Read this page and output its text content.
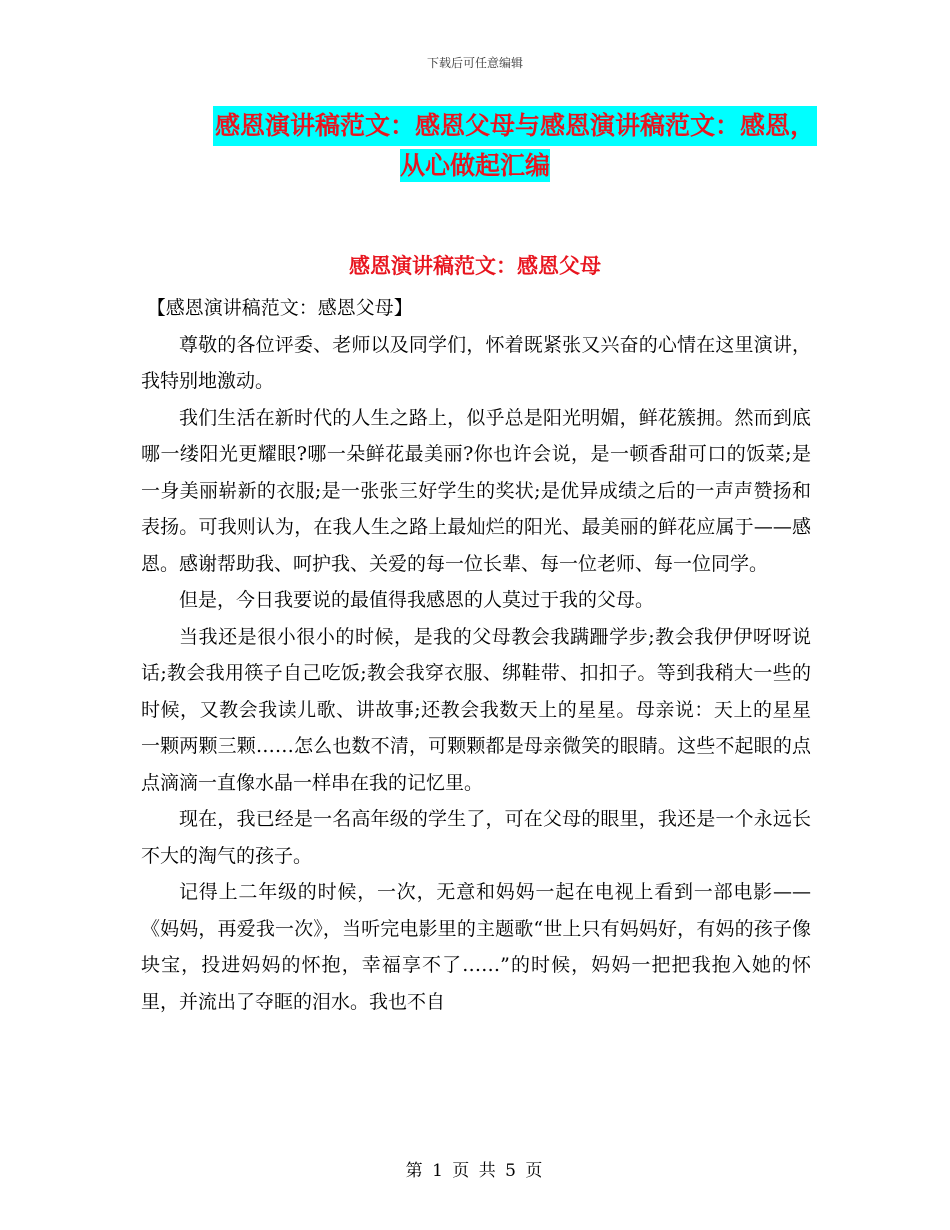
下载后可任意编辑
感恩演讲稿范文：感恩父母与感恩演讲稿范文：感恩，
从心做起汇编
感恩演讲稿范文：感恩父母

【感恩演讲稿范文：感恩父母】

尊敬的各位评委、老师以及同学们，怀着既紧张又兴奋的心情在这里演讲，我特别地激动。

我们生活在新时代的人生之路上，似乎总是阳光明媚，鲜花簇拥。然而到底哪一缕阳光更耀眼?哪一朵鲜花最美丽?你也许会说，是一顿香甜可口的饭菜;是一身美丽崭新的衣服;是一张张三好学生的奖状;是优异成绩之后的一声声赞扬和表扬。可我则认为，在我人生之路上最灿烂的阳光、最美丽的鲜花应属于——感恩。感谢帮助我、呵护我、关爱的每一位长辈、每一位老师、每一位同学。

但是，今日我要说的最值得我感恩的人莫过于我的父母。

当我还是很小很小的时候，是我的父母教会我蹒跚学步;教会我伊伊呀呀说话;教会我用筷子自己吃饭;教会我穿衣服、绑鞋带、扣扣子。等到我稍大一些的时候，又教会我读儿歌、讲故事;还教会我数天上的星星。母亲说：天上的星星一颗两颗三颗……怎么也数不清，可颗颗都是母亲微笑的眼睛。这些不起眼的点点滴滴一直像水晶一样串在我的记忆里。

现在，我已经是一名高年级的学生了，可在父母的眼里，我还是一个永远长不大的淘气的孩子。

记得上二年级的时候，一次，无意和妈妈一起在电视上看到一部电影——《妈妈，再爱我一次》，当听完电影里的主题歌“世上只有妈妈好，有妈的孩子像块宝，投进妈妈的怀抱，幸福享不了……”的时候，妈妈一把把我抱入她的怀里，并流出了夺眶的泪水。我也不自

第 1 页 共 5 页
